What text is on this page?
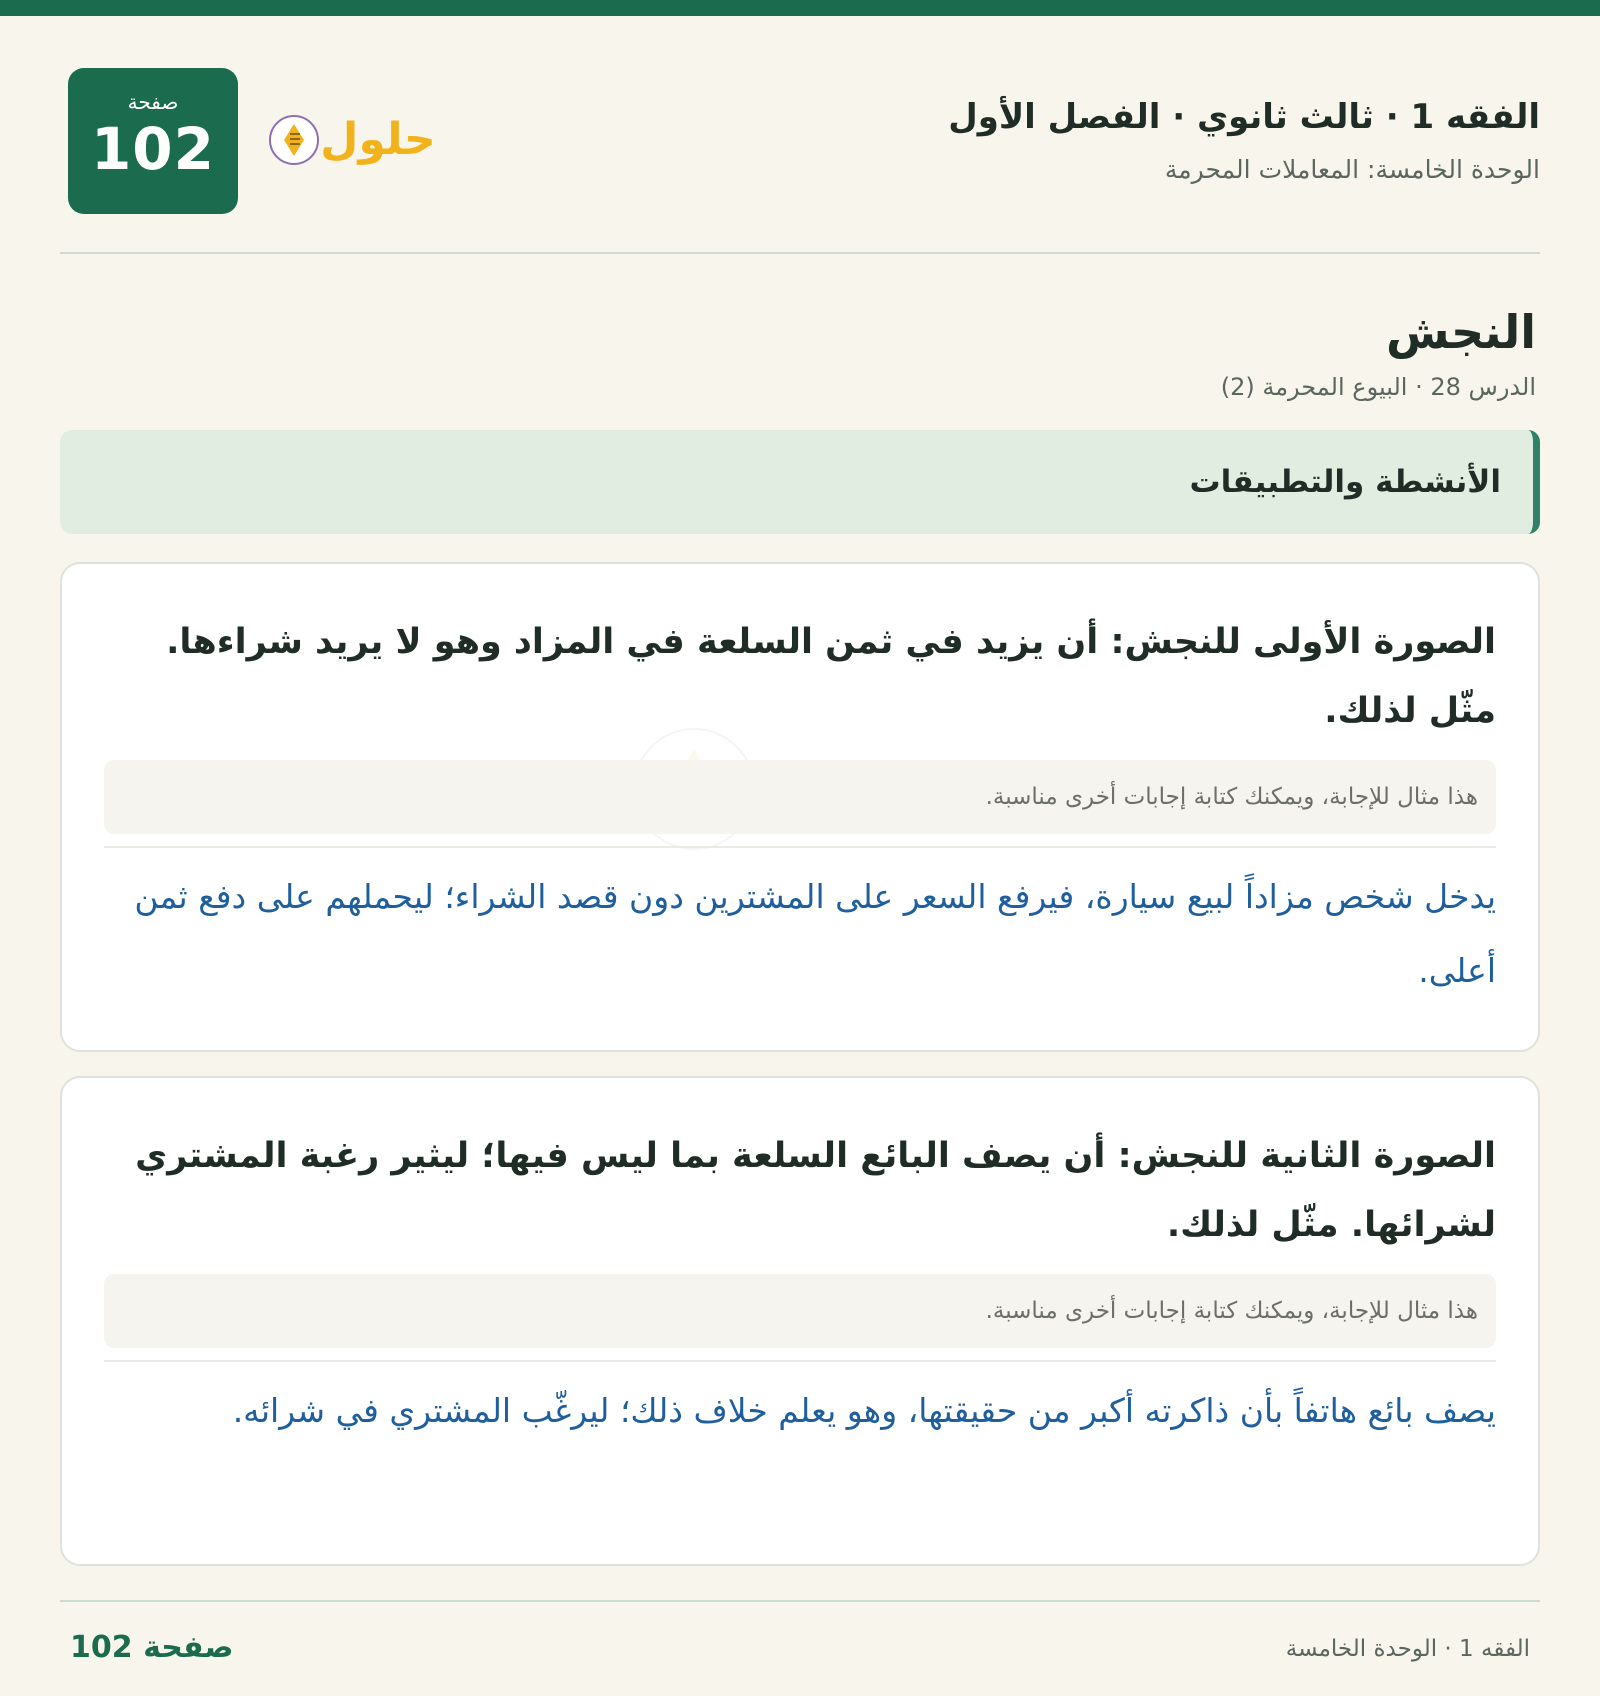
الفقه 1 · ثالث ثانوي · الفصل الأول
الوحدة الخامسة: المعاملات المحرمة
حلول
صفحة
102
النجش
الدرس 28 · البيوع المحرمة (2)
الأنشطة والتطبيقات
الصورة الأولى للنجش: أن يزيد في ثمن السلعة في المزاد وهو لا يريد شراءها. مثّل لذلك.
هذا مثال للإجابة، ويمكنك كتابة إجابات أخرى مناسبة.
يدخل شخص مزاداً لبيع سيارة، فيرفع السعر على المشترين دون قصد الشراء؛ ليحملهم على دفع ثمن أعلى.
الصورة الثانية للنجش: أن يصف البائع السلعة بما ليس فيها؛ ليثير رغبة المشتري لشرائها. مثّل لذلك.
هذا مثال للإجابة، ويمكنك كتابة إجابات أخرى مناسبة.
يصف بائع هاتفاً بأن ذاكرته أكبر من حقيقتها، وهو يعلم خلاف ذلك؛ ليرغّب المشتري في شرائه.
الفقه 1 · الوحدة الخامسة
صفحة 102
